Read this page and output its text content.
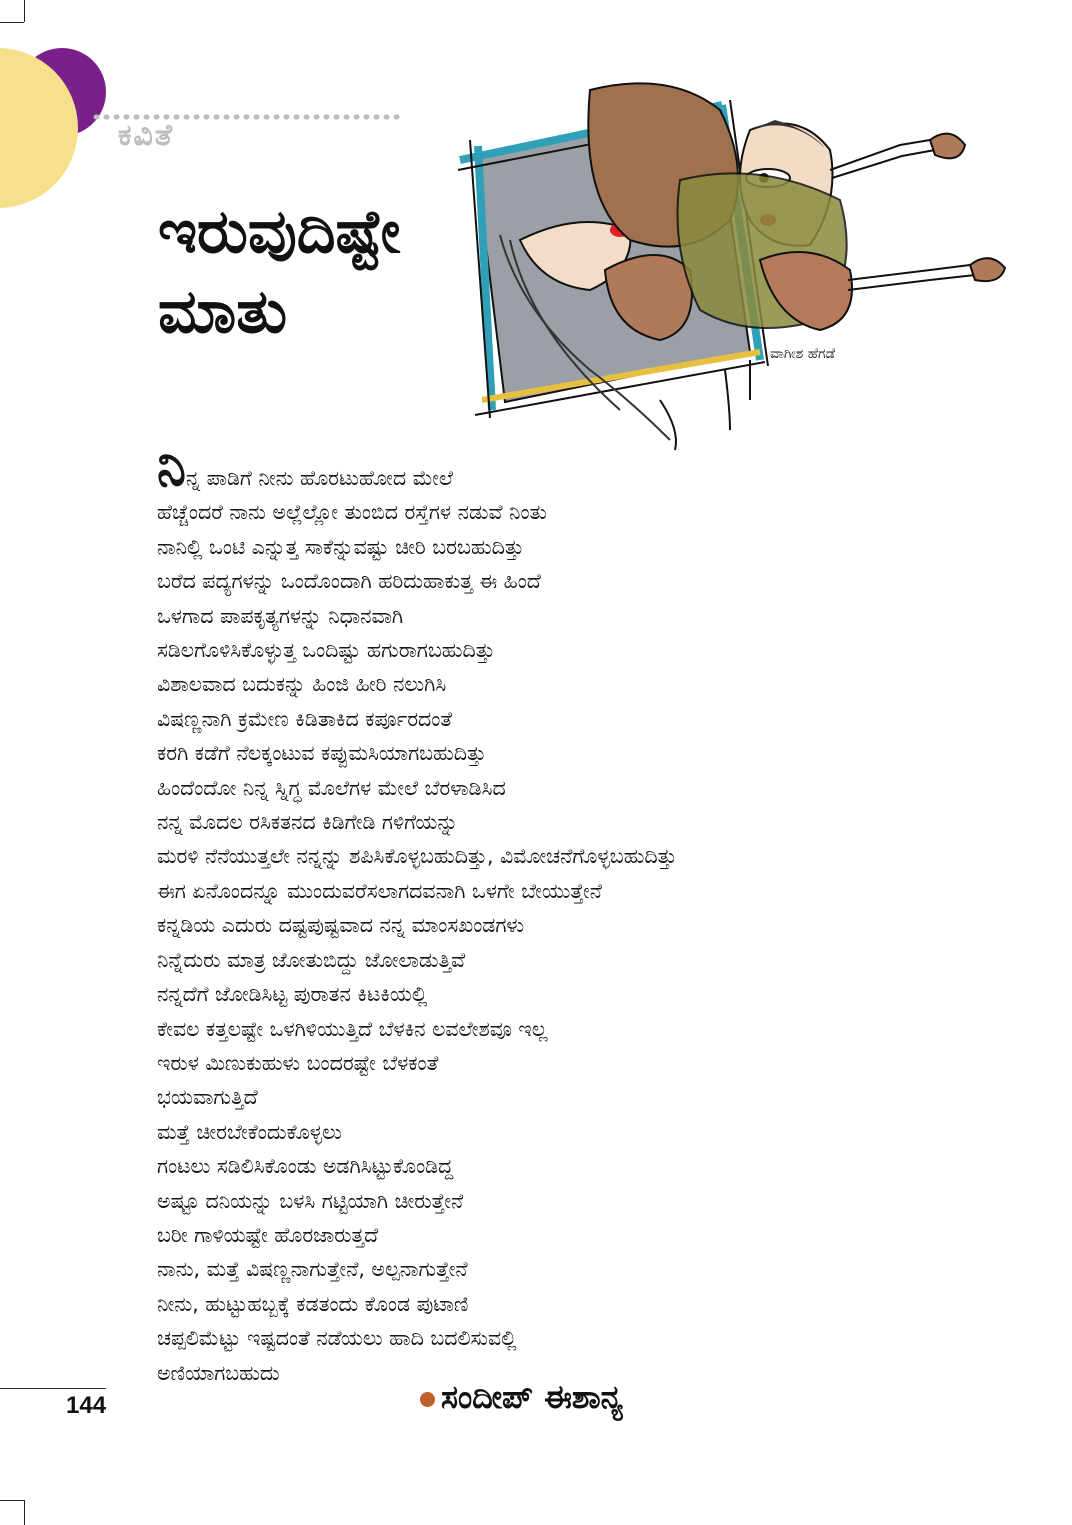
ಕವಿತೆ
ಇರುವುದಿಷ್ಟೇ
ಮಾತು
ವಾಗೀಶ ಹೆಗಡೆ
ನಿನ್ನ ಪಾಡಿಗೆ ನೀನು ಹೊರಟುಹೋದ ಮೇಲೆ
ಹೆಚ್ಚೆಂದರೆ ನಾನು ಅಲ್ಲೆಲ್ಲೋ ತುಂಬಿದ ರಸ್ತೆಗಳ ನಡುವೆ ನಿಂತು
ನಾನಿಲ್ಲಿ ಒಂಟಿ ಎನ್ನುತ್ತ ಸಾಕೆನ್ನುವಷ್ಟು ಚೀರಿ ಬರಬಹುದಿತ್ತು
ಬರೆದ ಪದ್ಯಗಳನ್ನು ಒಂದೊಂದಾಗಿ ಹರಿದುಹಾಕುತ್ತ ಈ ಹಿಂದೆ
ಒಳಗಾದ ಪಾಪಕೃತ್ಯಗಳನ್ನು ನಿಧಾನವಾಗಿ
ಸಡಿಲಗೊಳಿಸಿಕೊಳ್ಳುತ್ತ ಒಂದಿಷ್ಟು ಹಗುರಾಗಬಹುದಿತ್ತು
ವಿಶಾಲವಾದ ಬದುಕನ್ನು ಹಿಂಜಿ ಹೀರಿ ನಲುಗಿಸಿ
ವಿಷಣ್ಣನಾಗಿ ಕ್ರಮೇಣ ಕಿಡಿತಾಕಿದ ಕರ್ಪೂರದಂತೆ
ಕರಗಿ ಕಡೆಗೆ ನೆಲಕ್ಕಂಟುವ ಕಪ್ಪುಮಸಿಯಾಗಬಹುದಿತ್ತು
ಹಿಂದೆಂದೋ ನಿನ್ನ ಸ್ನಿಗ್ಧ ಮೊಲೆಗಳ ಮೇಲೆ ಬೆರಳಾಡಿಸಿದ
ನನ್ನ ಮೊದಲ ರಸಿಕತನದ ಕಿಡಿಗೇಡಿ ಗಳಿಗೆಯನ್ನು
ಮರಳಿ ನೆನೆಯುತ್ತಲೇ ನನ್ನನ್ನು ಶಪಿಸಿಕೊಳ್ಳಬಹುದಿತ್ತು, ವಿಮೋಚನೆಗೊಳ್ಳಬಹುದಿತ್ತು
ಈಗ ಏನೊಂದನ್ನೂ ಮುಂದುವರೆಸಲಾಗದವನಾಗಿ ಒಳಗೇ ಬೇಯುತ್ತೇನೆ
ಕನ್ನಡಿಯ ಎದುರು ದಷ್ಟಪುಷ್ಟವಾದ ನನ್ನ ಮಾಂಸಖಂಡಗಳು
ನಿನ್ನೆದುರು ಮಾತ್ರ ಜೋತುಬಿದ್ದು ಜೋಲಾಡುತ್ತಿವೆ
ನನ್ನದೆಗೆ ಜೋಡಿಸಿಟ್ಟ ಪುರಾತನ ಕಿಟಕಿಯಲ್ಲಿ
ಕೇವಲ ಕತ್ತಲಷ್ಟೇ ಒಳಗಿಳಿಯುತ್ತಿದೆ ಬೆಳಕಿನ ಲವಲೇಶವೂ ಇಲ್ಲ
ಇರುಳ ಮಿಣುಕುಹುಳು ಬಂದರಷ್ಟೇ ಬೆಳಕಂತೆ
ಭಯವಾಗುತ್ತಿದೆ
ಮತ್ತೆ ಚೀರಬೇಕೆಂದುಕೊಳ್ಳಲು
ಗಂಟಲು ಸಡಿಲಿಸಿಕೊಂಡು ಅಡಗಿಸಿಟ್ಟುಕೊಂಡಿದ್ದ
ಅಷ್ಟೂ ದನಿಯನ್ನು ಬಳಸಿ ಗಟ್ಟಿಯಾಗಿ ಚೀರುತ್ತೇನೆ
ಬರೀ ಗಾಳಿಯಷ್ಟೇ ಹೊರಜಾರುತ್ತದೆ
ನಾನು, ಮತ್ತೆ ವಿಷಣ್ಣನಾಗುತ್ತೇನೆ, ಅಲ್ಪನಾಗುತ್ತೇನೆ
ನೀನು, ಹುಟ್ಟುಹಬ್ಬಕ್ಕೆ ಕಡತಂದು ಕೊಂಡ ಪುಟಾಣಿ
ಚಪ್ಪಲಿಮೆಟ್ಟು ಇಷ್ಟದಂತೆ ನಡೆಯಲು ಹಾದಿ ಬದಲಿಸುವಲ್ಲಿ
ಅಣಿಯಾಗಬಹುದು
ಸಂದೀಪ್ ಈಶಾನ್ಯ
144
